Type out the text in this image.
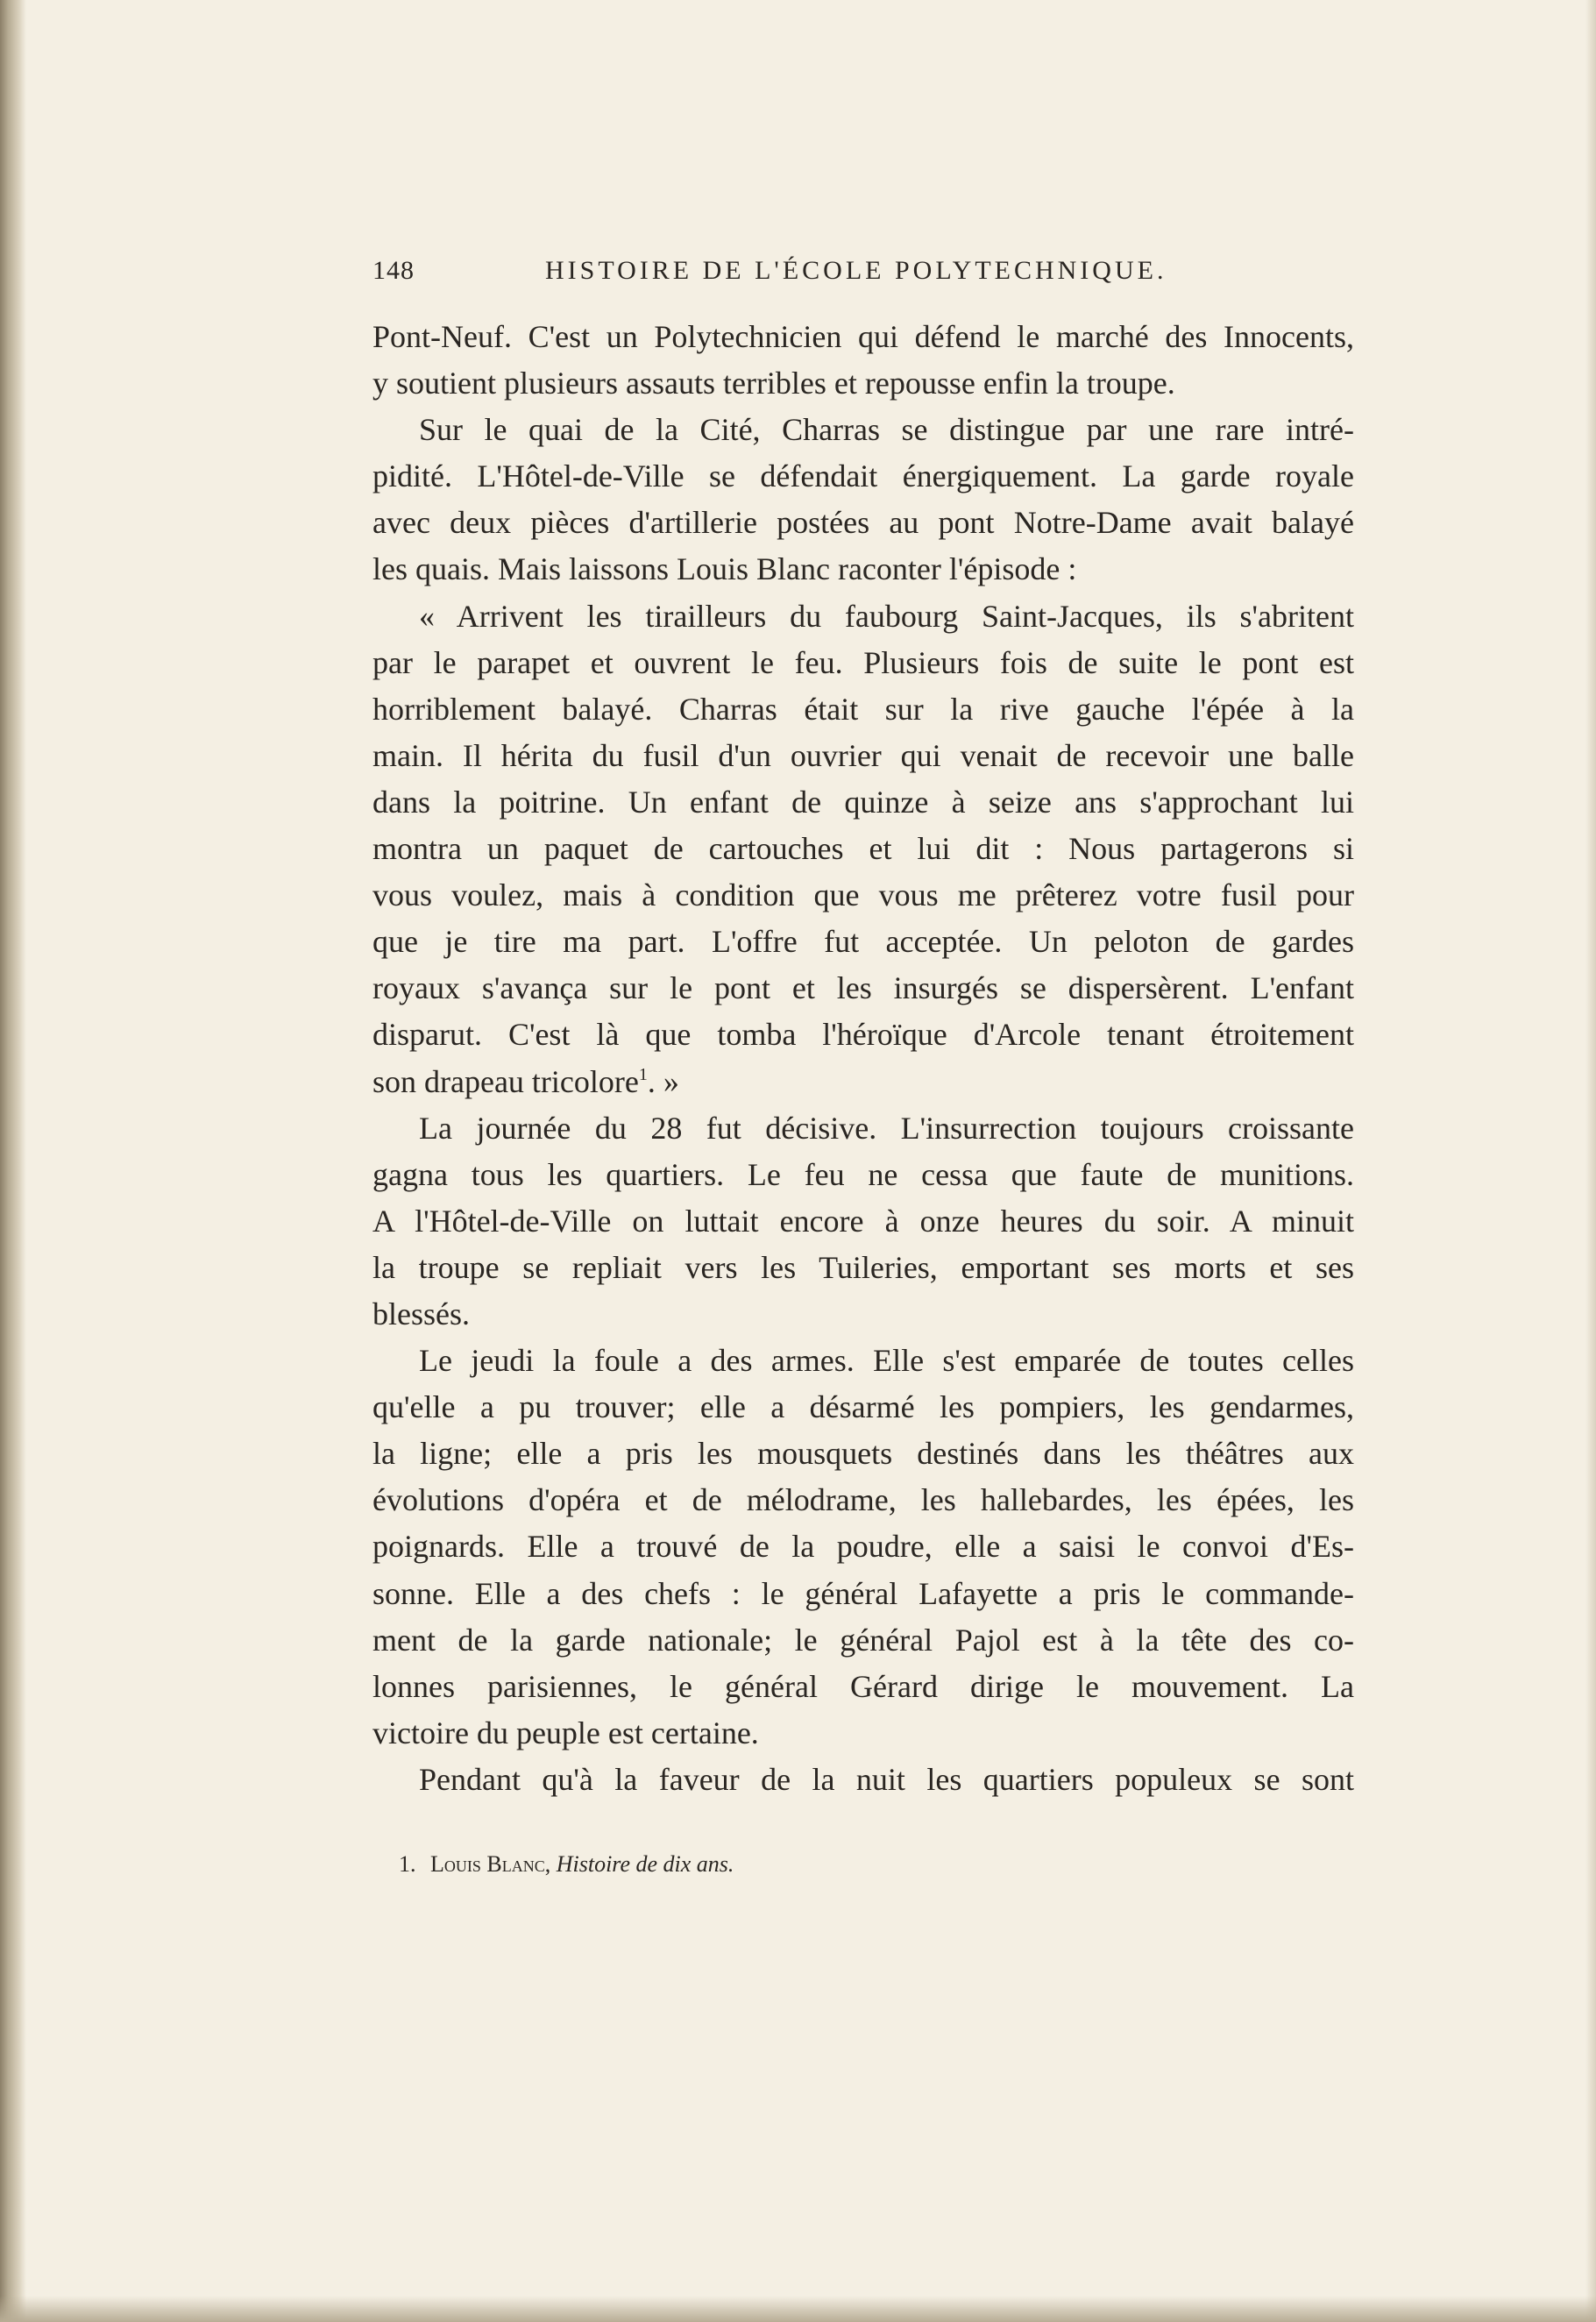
148	HISTOIRE DE L'ÉCOLE POLYTECHNIQUE.
Pont-Neuf. C'est un Polytechnicien qui défend le marché des Innocents,
y soutient plusieurs assauts terribles et repousse enfin la troupe.
Sur le quai de la Cité, Charras se distingue par une rare intré-
pidité. L'Hôtel-de-Ville se défendait énergiquement. La garde royale
avec deux pièces d'artillerie postées au pont Notre-Dame avait balayé
les quais. Mais laissons Louis Blanc raconter l'épisode :
« Arrivent les tirailleurs du faubourg Saint-Jacques, ils s'abritent
par le parapet et ouvrent le feu. Plusieurs fois de suite le pont est
horriblement balayé. Charras était sur la rive gauche l'épée à la
main. Il hérita du fusil d'un ouvrier qui venait de recevoir une balle
dans la poitrine. Un enfant de quinze à seize ans s'approchant lui
montra un paquet de cartouches et lui dit : Nous partagerons si
vous voulez, mais à condition que vous me prêterez votre fusil pour
que je tire ma part. L'offre fut acceptée. Un peloton de gardes
royaux s'avança sur le pont et les insurgés se dispersèrent. L'enfant
disparut. C'est là que tomba l'héroïque d'Arcole tenant étroitement
son drapeau tricolore$^1$. »
La journée du 28 fut décisive. L'insurrection toujours croissante
gagna tous les quartiers. Le feu ne cessa que faute de munitions.
A l'Hôtel-de-Ville on luttait encore à onze heures du soir. A minuit
la troupe se repliait vers les Tuileries, emportant ses morts et ses
blessés.
Le jeudi la foule a des armes. Elle s'est emparée de toutes celles
qu'elle a pu trouver; elle a désarmé les pompiers, les gendarmes,
la ligne; elle a pris les mousquets destinés dans les théâtres aux
évolutions d'opéra et de mélodrame, les hallebardes, les épées, les
poignards. Elle a trouvé de la poudre, elle a saisi le convoi d'Es-
sonne. Elle a des chefs : le général Lafayette a pris le commande-
ment de la garde nationale; le général Pajol est à la tête des co-
lonnes parisiennes, le général Gérard dirige le mouvement. La
victoire du peuple est certaine.
Pendant qu'à la faveur de la nuit les quartiers populeux se sont
1. Louis Blanc, Histoire de dix ans.
